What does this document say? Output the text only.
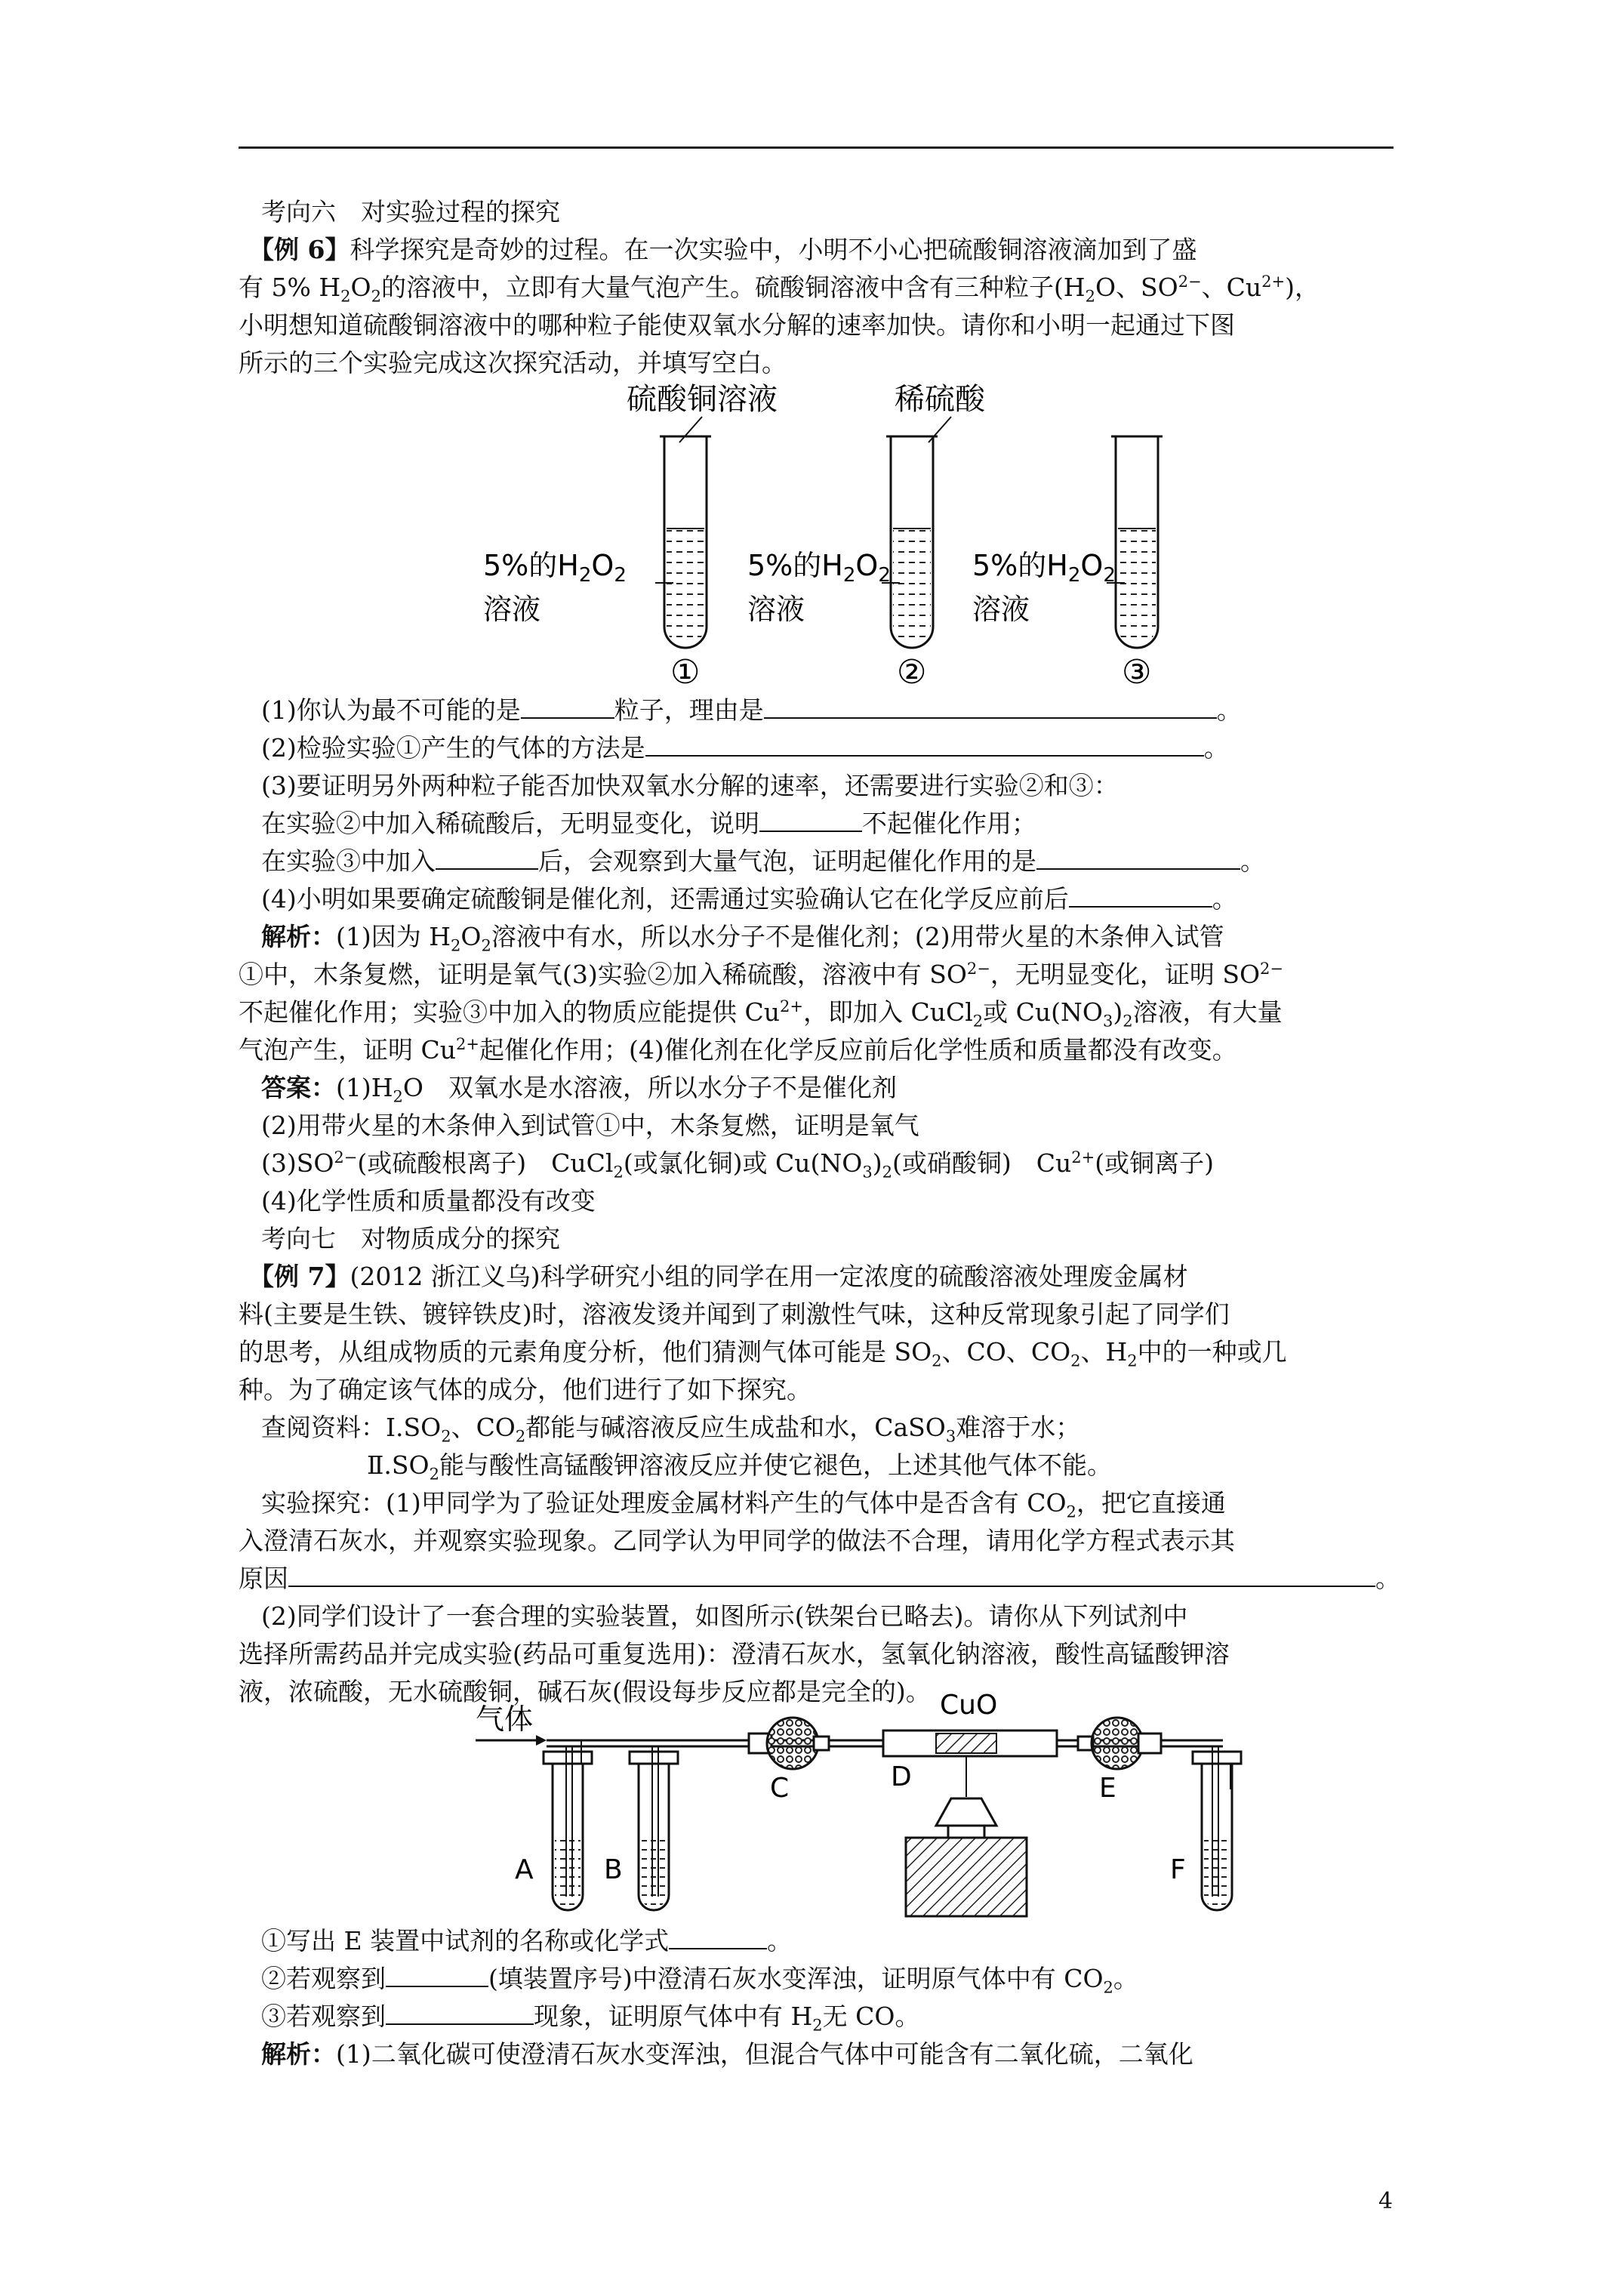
考向六　对实验过程的探究
【例 6】科学探究是奇妙的过程。在一次实验中，小明不小心把硫酸铜溶液滴加到了盛
有 5% $H_2O_2$的溶液中，立即有大量气泡产生。硫酸铜溶液中含有三种粒子($H_2O$、$SO^{2-}$、$Cu^{2+}$)，
小明想知道硫酸铜溶液中的哪种粒子能使双氧水分解的速率加快。请你和小明一起通过下图
所示的三个实验完成这次探究活动，并填写空白。
硫酸铜溶液	稀硫酸
5%的$H_2O_2$
溶液
5%的$H_2O_2$
溶液
5%的$H_2O_2$
溶液
①	②	③
(1)你认为最不可能的是	粒子，理由是	。
(2)检验实验①产生的气体的方法是	。
(3)要证明另外两种粒子能否加快双氧水分解的速率，还需要进行实验②和③：
在实验②中加入稀硫酸后，无明显变化，说明	不起催化作用；
在实验③中加入	后，会观察到大量气泡，证明起催化作用的是	。
(4)小明如果要确定硫酸铜是催化剂，还需通过实验确认它在化学反应前后	。
解析：(1)因为 $H_2O_2$溶液中有水，所以水分子不是催化剂；(2)用带火星的木条伸入试管
①中，木条复燃，证明是氧气(3)实验②加入稀硫酸，溶液中有 $SO^{2-}$，无明显变化，证明 $SO^{2-}$
不起催化作用；实验③中加入的物质应能提供 $Cu^{2+}$，即加入 CuCl$_2$或 $Cu(NO_3)_2$溶液，有大量
气泡产生，证明 $Cu^{2+}$起催化作用；(4)催化剂在化学反应前后化学性质和质量都没有改变。
答案：$(1)H_2O$　双氧水是水溶液，所以水分子不是催化剂
(2)用带火星的木条伸入到试管①中，木条复燃，证明是氧气
$(3)SO^{2-}$(或硫酸根离子)　CuCl$_2$(或氯化铜)或 $Cu(NO_3)_2$(或硝酸铜)　$Cu^{2+}$(或铜离子)
(4)化学性质和质量都没有改变
考向七　对物质成分的探究
【例 7】(2012 浙江义乌)科学研究小组的同学在用一定浓度的硫酸溶液处理废金属材
料(主要是生铁、镀锌铁皮)时，溶液发烫并闻到了刺激性气味，这种反常现象引起了同学们
的思考，从组成物质的元素角度分析，他们猜测气体可能是 $SO_2$、CO、$CO_2$、$H_2$中的一种或几
种。为了确定该气体的成分，他们进行了如下探究。
查阅资料：$Ⅰ.SO_2$、$CO_2$都能与碱溶液反应生成盐和水，CaSO$_3$难溶于水；
$Ⅱ.SO_2$能与酸性高锰酸钾溶液反应并使它褪色，上述其他气体不能。
实验探究：(1)甲同学为了验证处理废金属材料产生的气体中是否含有 $CO_2$，把它直接通
入澄清石灰水，并观察实验现象。乙同学认为甲同学的做法不合理，请用化学方程式表示其
原因	。
(2)同学们设计了一套合理的实验装置，如图所示(铁架台已略去)。请你从下列试剂中
选择所需药品并完成实验(药品可重复选用)：澄清石灰水，氢氧化钠溶液，酸性高锰酸钾溶
液，浓硫酸，无水硫酸铜，碱石灰(假设每步反应都是完全的)。
气体
A	B
C
CuO
D	E
F
①写出 E 装置中试剂的名称或化学式	。
②若观察到	(填装置序号)中澄清石灰水变浑浊，证明原气体中有 $CO_2$。
③若观察到	现象，证明原气体中有 $H_2$无 CO。
解析：(1)二氧化碳可使澄清石灰水变浑浊，但混合气体中可能含有二氧化硫，二氧化
4
